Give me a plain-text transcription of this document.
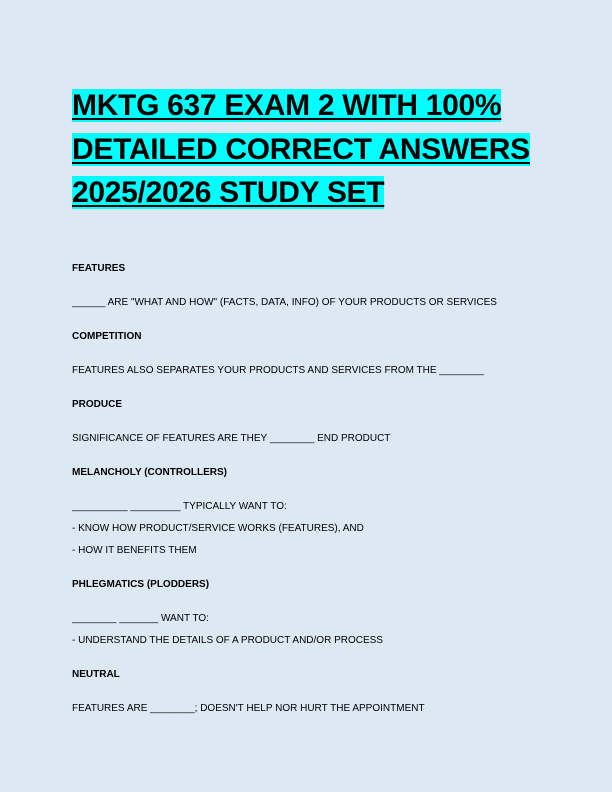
MKTG 637 EXAM 2 WITH 100%
DETAILED CORRECT ANSWERS
2025/2026 STUDY SET
FEATURES
______ ARE "WHAT AND HOW" (FACTS, DATA, INFO) OF YOUR PRODUCTS OR SERVICES
COMPETITION
FEATURES ALSO SEPARATES YOUR PRODUCTS AND SERVICES FROM THE ________
PRODUCE
SIGNIFICANCE OF FEATURES ARE THEY ________ END PRODUCT
MELANCHOLY (CONTROLLERS)
__________ _________ TYPICALLY WANT TO:
- KNOW HOW PRODUCT/SERVICE WORKS (FEATURES), AND
- HOW IT BENEFITS THEM
PHLEGMATICS (PLODDERS)
________ _______ WANT TO:
- UNDERSTAND THE DETAILS OF A PRODUCT AND/OR PROCESS
NEUTRAL
FEATURES ARE ________; DOESN'T HELP NOR HURT THE APPOINTMENT
